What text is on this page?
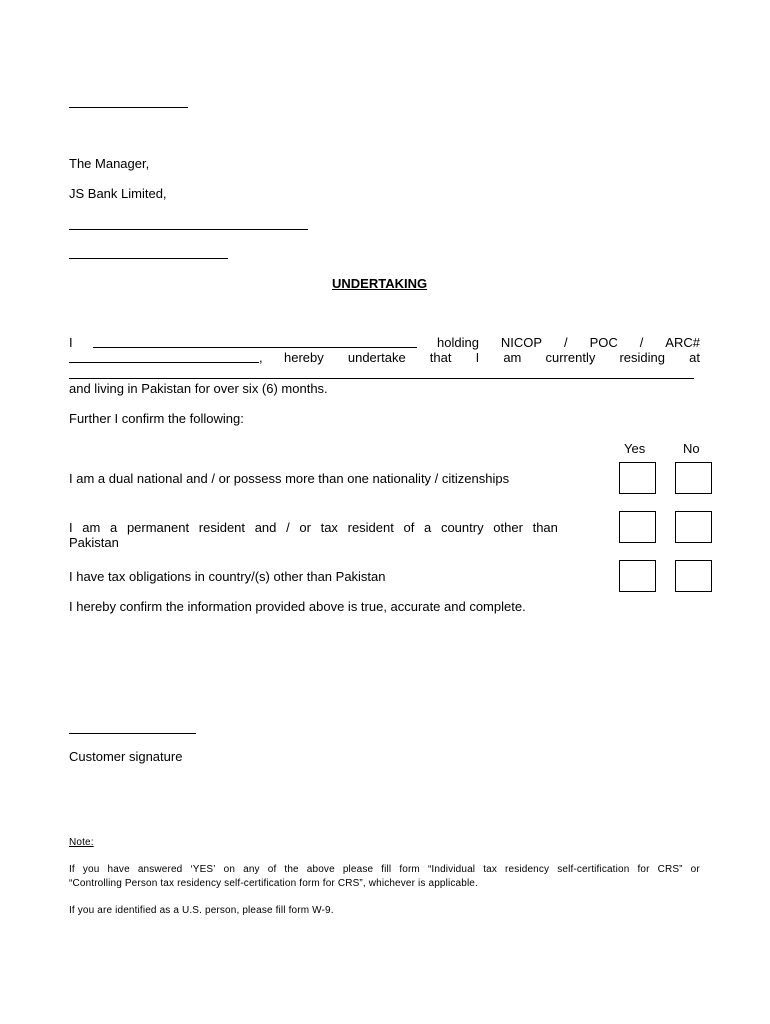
The Manager,
JS Bank Limited,
UNDERTAKING
I	holding NICOP / POC / ARC#
, hereby undertake that I am currently residing at
and living in Pakistan for over six (6) months.
Further I confirm the following:
Yes	No
I am a dual national and / or possess more than one nationality / citizenships
I am a permanent resident and / or tax resident of a country other than
Pakistan
I have tax obligations in country/(s) other than Pakistan
I hereby confirm the information provided above is true, accurate and complete.
Customer signature
Note:
If you have answered ‘YES’ on any of the above please fill form “Individual tax residency self-certification for CRS” or
“Controlling Person tax residency self-certification form for CRS”, whichever is applicable.
If you are identified as a U.S. person, please fill form W-9.
